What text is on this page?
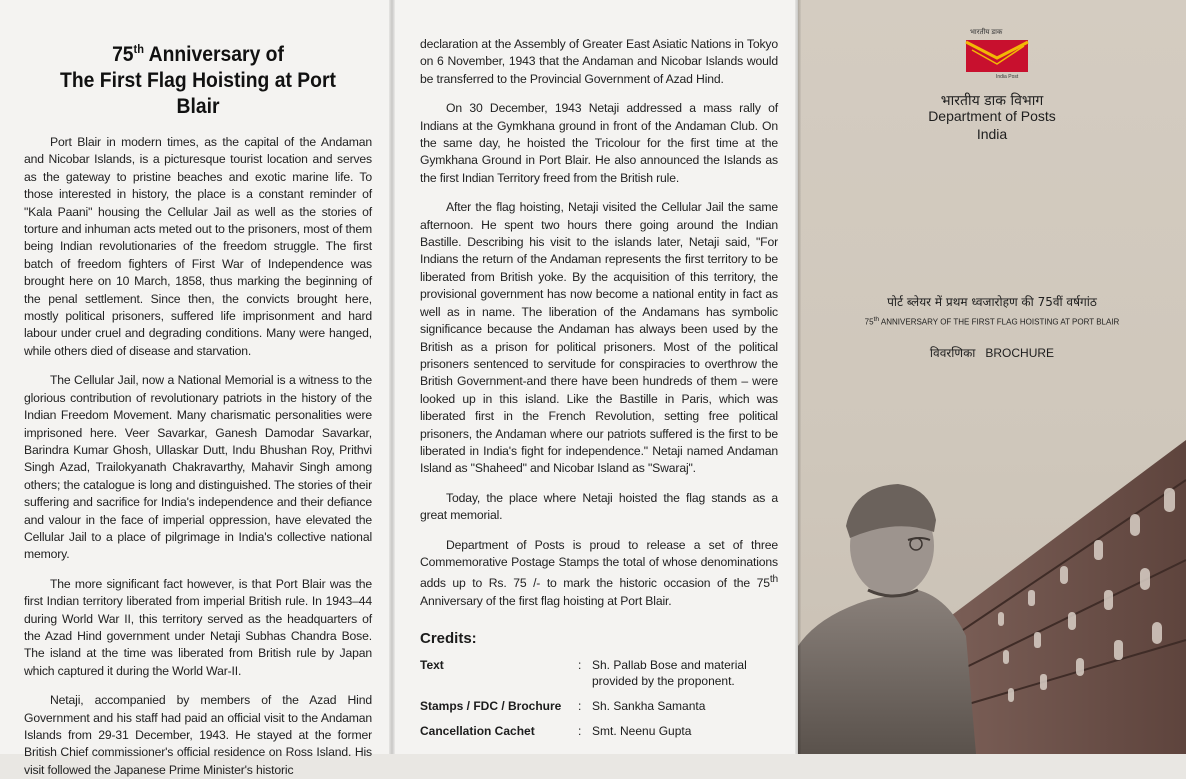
75th Anniversary of
The First Flag Hoisting at Port Blair

Port Blair in modern times, as the capital of the Andaman and Nicobar Islands, is a picturesque tourist location and serves as the gateway to pristine beaches and exotic marine life. To those interested in history, the place is a constant reminder of "Kala Paani" housing the Cellular Jail as well as the stories of torture and inhuman acts meted out to the prisoners, most of them being Indian revolutionaries of the freedom struggle. The first batch of freedom fighters of First War of Independence was brought here on 10 March, 1858, thus marking the beginning of the penal settlement. Since then, the convicts brought here, mostly political prisoners, suffered life imprisonment and hard labour under cruel and degrading conditions. Many were hanged, while others died of disease and starvation.

The Cellular Jail, now a National Memorial is a witness to the glorious contribution of revolutionary patriots in the history of the Indian Freedom Movement. Many charismatic personalities were imprisoned here. Veer Savarkar, Ganesh Damodar Savarkar, Barindra Kumar Ghosh, Ullaskar Dutt, Indu Bhushan Roy, Prithvi Singh Azad, Trailokyanath Chakravarthy, Mahavir Singh among others; the catalogue is long and distinguished. The stories of their suffering and sacrifice for India's independence and their defiance and valour in the face of imperial oppression, have elevated the Cellular Jail to a place of pilgrimage in India's collective national memory.

The more significant fact however, is that Port Blair was the first Indian territory liberated from imperial British rule. In 1943–44 during World War II, this territory served as the headquarters of the Azad Hind government under Netaji Subhas Chandra Bose. The island at the time was liberated from British rule by Japan which captured it during the World War-II.

Netaji, accompanied by members of the Azad Hind Government and his staff had paid an official visit to the Andaman Islands from 29-31 December, 1943. He stayed at the former British Chief commissioner's official residence on Ross Island. His visit followed the Japanese Prime Minister's historic

declaration at the Assembly of Greater East Asiatic Nations in Tokyo on 6 November, 1943 that the Andaman and Nicobar Islands would be transferred to the Provincial Government of Azad Hind.

On 30 December, 1943 Netaji addressed a mass rally of Indians at the Gymkhana ground in front of the Andaman Club. On the same day, he hoisted the Tricolour for the first time at the Gymkhana Ground in Port Blair. He also announced the Islands as the first Indian Territory freed from the British rule.

After the flag hoisting, Netaji visited the Cellular Jail the same afternoon. He spent two hours there going around the Indian Bastille. Describing his visit to the islands later, Netaji said, "For Indians the return of the Andaman represents the first territory to be liberated from British yoke. By the acquisition of this territory, the provisional government has now become a national entity in fact as well as in name. The liberation of the Andamans has symbolic significance because the Andaman has always been used by the British as a prison for political prisoners. Most of the political prisoners sentenced to servitude for conspiracies to overthrow the British Government-and there have been hundreds of them – were looked up in this island. Like the Bastille in Paris, which was liberated first in the French Revolution, setting free political prisoners, the Andaman where our patriots suffered is the first to be liberated in India's fight for independence." Netaji named Andaman Island as "Shaheed" and Nicobar Island as "Swaraj".

Today, the place where Netaji hoisted the flag stands as a great memorial.

Department of Posts is proud to release a set of three Commemorative Postage Stamps the total of whose denominations adds up to Rs. 75 /- to mark the historic occasion of the 75th Anniversary of the first flag hoisting at Port Blair.

Credits:
Text	:	Sh. Pallab Bose and material provided by the proponent.
Stamps / FDC / Brochure	:	Sh. Sankha Samanta
Cancellation Cachet	:	Smt. Neenu Gupta
भारतीय डाक
India Post
भारतीय डाक विभाग
Department of Posts
India
पोर्ट ब्लेयर में प्रथम ध्वजारोहण की 75वीं वर्षगांठ
75th ANNIVERSARY OF THE FIRST FLAG HOISTING AT PORT BLAIR
विवरणिका BROCHURE
